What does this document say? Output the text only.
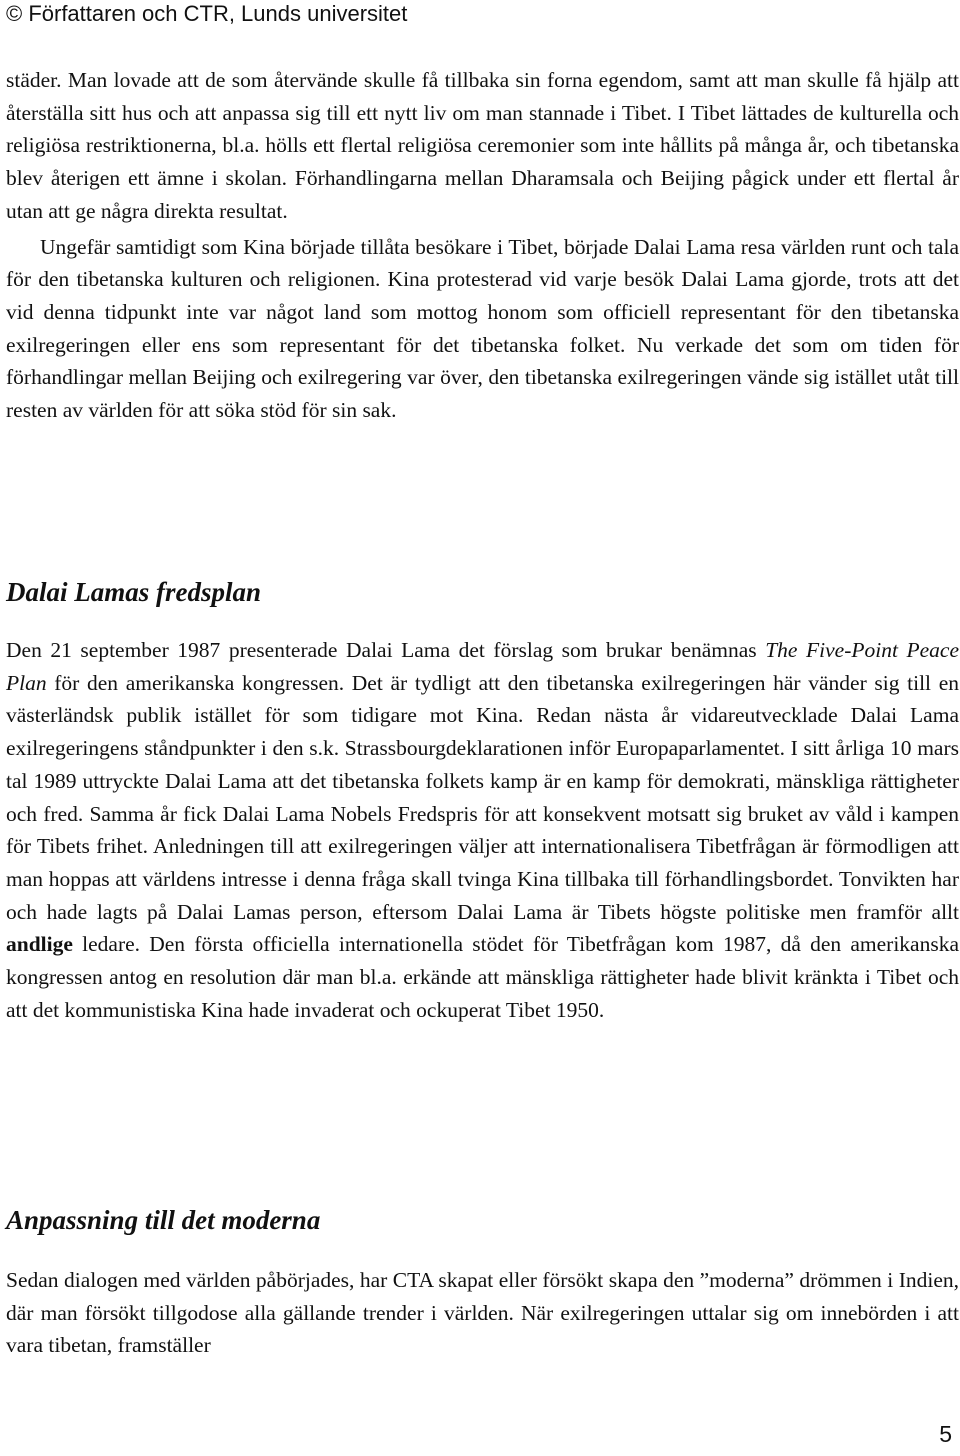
© Författaren och CTR, Lunds universitet

städer. Man lovade att de som återvände skulle få tillbaka sin forna egendom, samt att man skulle få hjälp att återställa sitt hus och att anpassa sig till ett nytt liv om man stannade i Tibet. I Tibet lättades de kulturella och religiösa restriktionerna, bl.a. hölls ett flertal religiösa ceremonier som inte hållits på många år, och tibetanska blev återigen ett ämne i skolan. Förhandlingarna mellan Dharamsala och Beijing pågick under ett flertal år utan att ge några direkta resultat.

Ungefär samtidigt som Kina började tillåta besökare i Tibet, började Dalai Lama resa världen runt och tala för den tibetanska kulturen och religionen. Kina protesterad vid varje besök Dalai Lama gjorde, trots att det vid denna tidpunkt inte var något land som mottog honom som officiell representant för den tibetanska exilregeringen eller ens som representant för det tibetanska folket. Nu verkade det som om tiden för förhandlingar mellan Beijing och exilregering var över, den tibetanska exilregeringen vände sig istället utåt till resten av världen för att söka stöd för sin sak.

Dalai Lamas fredsplan

Den 21 september 1987 presenterade Dalai Lama det förslag som brukar benämnas The Five-Point Peace Plan för den amerikanska kongressen. Det är tydligt att den tibetanska exilregeringen här vänder sig till en västerländsk publik istället för som tidigare mot Kina. Redan nästa år vidareutvecklade Dalai Lama exilregeringens ståndpunkter i den s.k. Strassbourgdeklarationen inför Europaparlamentet. I sitt årliga 10 mars tal 1989 uttryckte Dalai Lama att det tibetanska folkets kamp är en kamp för demokrati, mänskliga rättigheter och fred. Samma år fick Dalai Lama Nobels Fredspris för att konsekvent motsatt sig bruket av våld i kampen för Tibets frihet. Anledningen till att exilregeringen väljer att internationalisera Tibetfrågan är förmodligen att man hoppas att världens intresse i denna fråga skall tvinga Kina tillbaka till förhandlingsbordet. Tonvikten har och hade lagts på Dalai Lamas person, eftersom Dalai Lama är Tibets högste politiske men framför allt andlige ledare. Den första officiella internationella stödet för Tibetfrågan kom 1987, då den amerikanska kongressen antog en resolution där man bl.a. erkände att mänskliga rättigheter hade blivit kränkta i Tibet och att det kommunistiska Kina hade invaderat och ockuperat Tibet 1950.

Anpassning till det moderna

Sedan dialogen med världen påbörjades, har CTA skapat eller försökt skapa den ”moderna” drömmen i Indien, där man försökt tillgodose alla gällande trender i världen. När exilregeringen uttalar sig om innebörden i att vara tibetan, framställer

5
